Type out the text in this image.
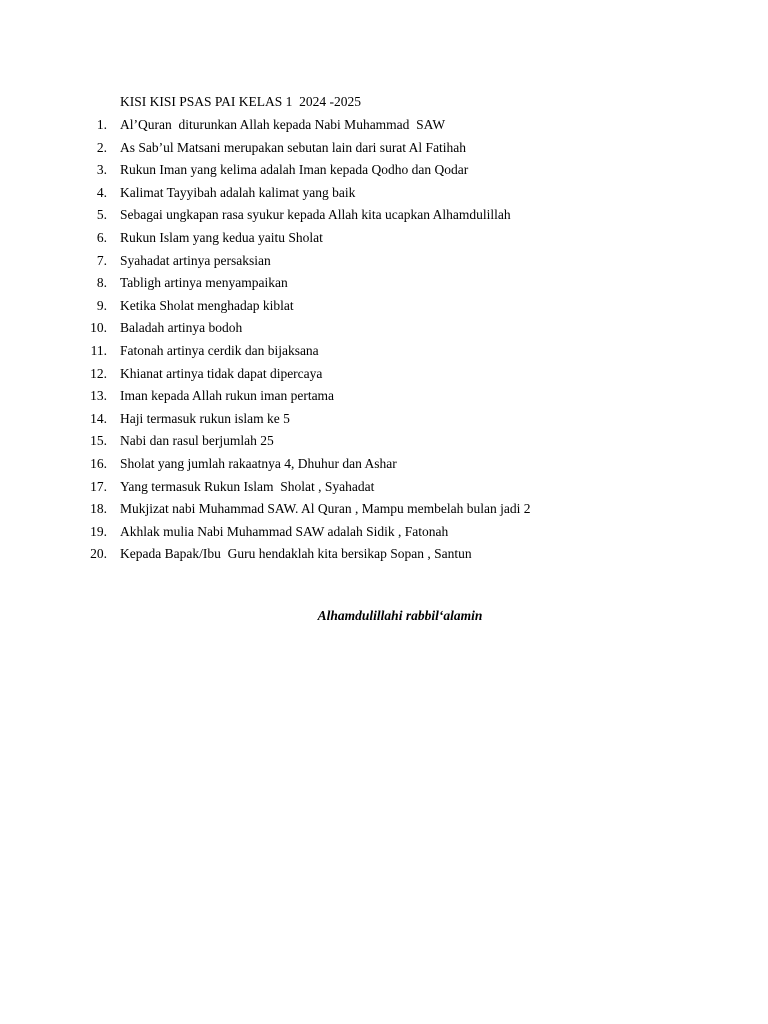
KISI KISI PSAS PAI KELAS 1  2024 -2025
1. Al’Quran  diturunkan Allah kepada Nabi Muhammad  SAW
2. As Sab’ul Matsani merupakan sebutan lain dari surat Al Fatihah
3. Rukun Iman yang kelima adalah Iman kepada Qodho dan Qodar
4. Kalimat Tayyibah adalah kalimat yang baik
5. Sebagai ungkapan rasa syukur kepada Allah kita ucapkan Alhamdulillah
6. Rukun Islam yang kedua yaitu Sholat
7. Syahadat artinya persaksian
8. Tabligh artinya menyampaikan
9. Ketika Sholat menghadap kiblat
10. Baladah artinya bodoh
11. Fatonah artinya cerdik dan bijaksana
12. Khianat artinya tidak dapat dipercaya
13. Iman kepada Allah rukun iman pertama
14. Haji termasuk rukun islam ke 5
15. Nabi dan rasul berjumlah 25
16. Sholat yang jumlah rakaatnya 4, Dhuhur dan Ashar
17. Yang termasuk Rukun Islam  Sholat , Syahadat
18. Mukjizat nabi Muhammad SAW. Al Quran , Mampu membelah bulan jadi 2
19. Akhlak mulia Nabi Muhammad SAW adalah Sidik , Fatonah
20. Kepada Bapak/Ibu  Guru hendaklah kita bersikap Sopan , Santun
Alhamdulillahi rabbil‘alamin
